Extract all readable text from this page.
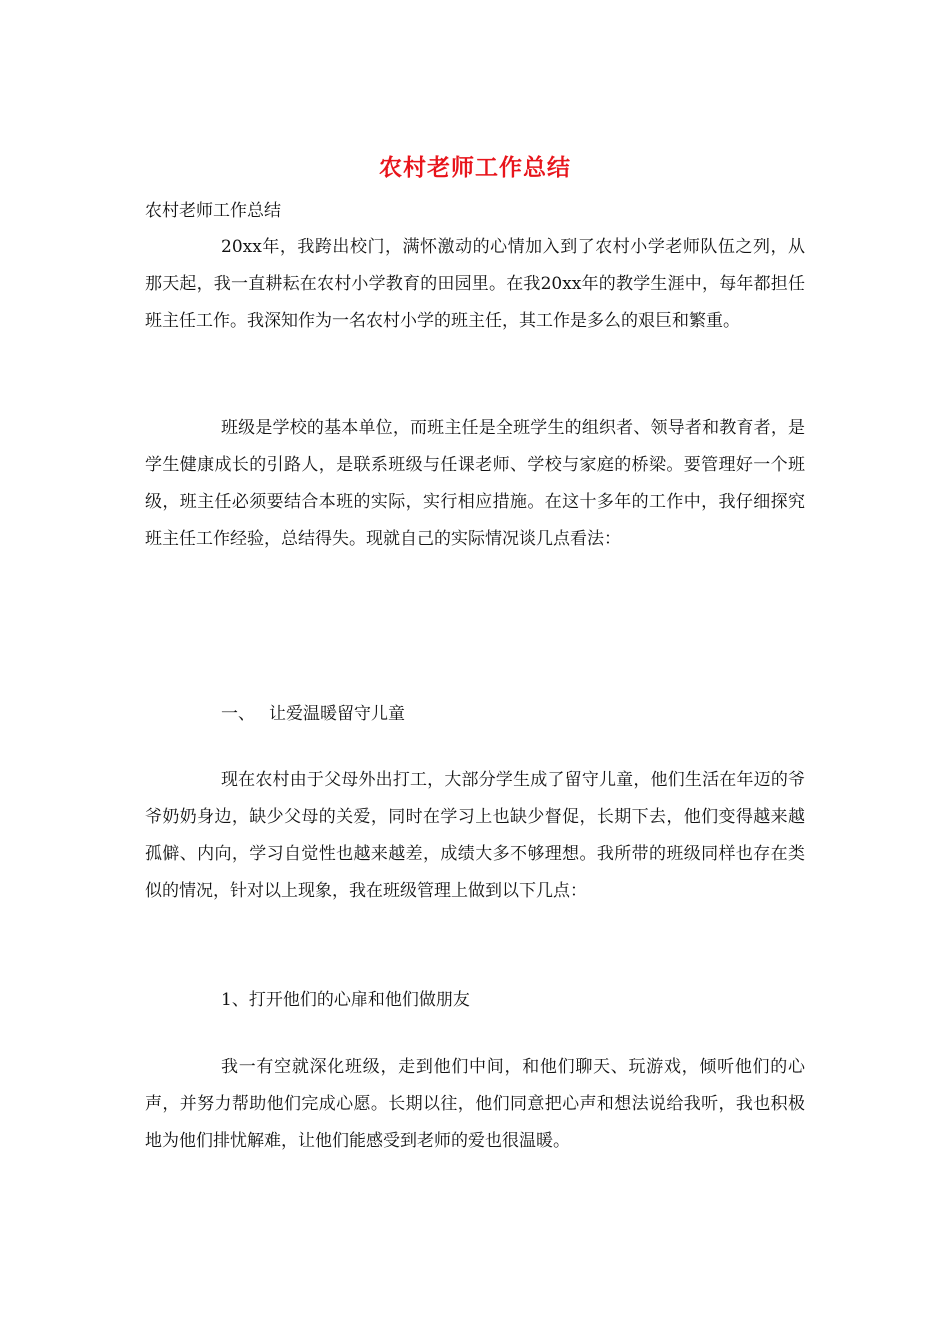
农村老师工作总结
农村老师工作总结

20xx年，我跨出校门，满怀激动的心情加入到了农村小学老师队伍之列，从那天起，我一直耕耘在农村小学教育的田园里。在我20xx年的教学生涯中，每年都担任班主任工作。我深知作为一名农村小学的班主任，其工作是多么的艰巨和繁重。

班级是学校的基本单位，而班主任是全班学生的组织者、领导者和教育者，是学生健康成长的引路人，是联系班级与任课老师、学校与家庭的桥梁。要管理好一个班级，班主任必须要结合本班的实际，实行相应措施。在这十多年的工作中，我仔细探究班主任工作经验，总结得失。现就自己的实际情况谈几点看法：

一、 让爱温暖留守儿童

现在农村由于父母外出打工，大部分学生成了留守儿童，他们生活在年迈的爷爷奶奶身边，缺少父母的关爱，同时在学习上也缺少督促，长期下去，他们变得越来越孤僻、内向，学习自觉性也越来越差，成绩大多不够理想。我所带的班级同样也存在类似的情况，针对以上现象，我在班级管理上做到以下几点：

1、打开他们的心扉和他们做朋友

我一有空就深化班级，走到他们中间，和他们聊天、玩游戏，倾听他们的心声，并努力帮助他们完成心愿。长期以往，他们同意把心声和想法说给我听，我也积极地为他们排忧解难，让他们能感受到老师的爱也很温暖。
